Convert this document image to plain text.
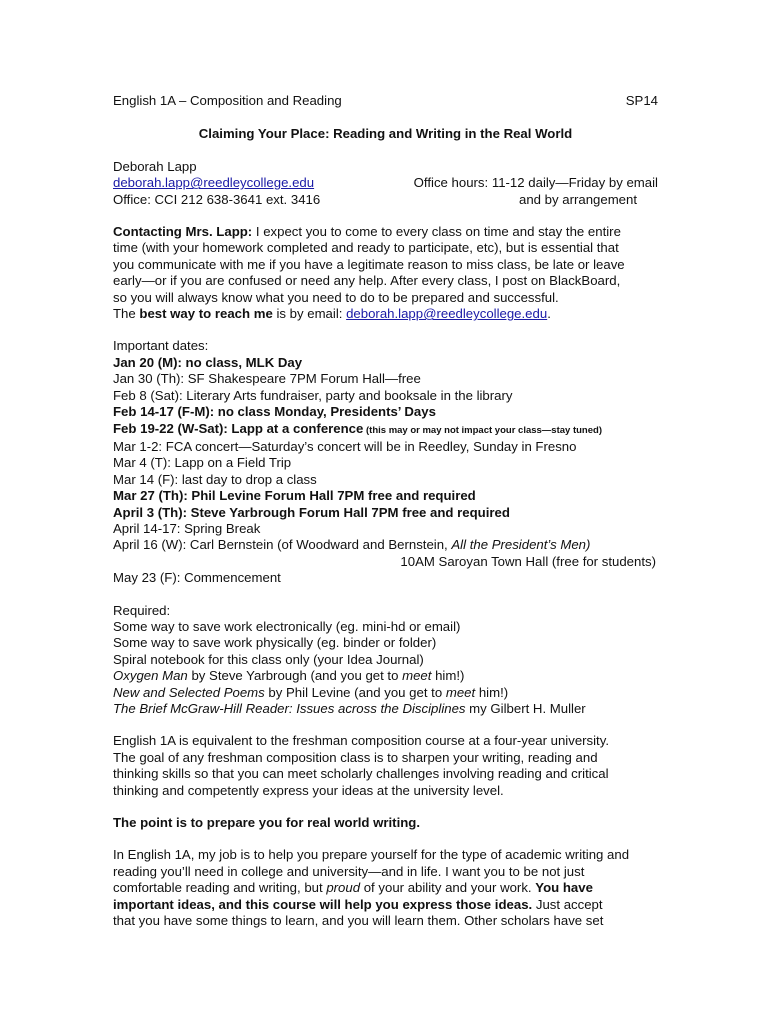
English 1A – Composition and Reading	SP14
Claiming Your Place: Reading and Writing in the Real World
Deborah Lapp
deborah.lapp@reedleycollege.edu	Office hours: 11-12 daily—Friday by email
Office: CCI 212 638-3641 ext. 3416	and by arrangement
Contacting Mrs. Lapp: I expect you to come to every class on time and stay the entire
time (with your homework completed and ready to participate, etc), but is essential that
you communicate with me if you have a legitimate reason to miss class, be late or leave
early—or if you are confused or need any help. After every class, I post on BlackBoard,
so you will always know what you need to do to be prepared and successful.
The best way to reach me is by email: deborah.lapp@reedleycollege.edu.
Important dates:
Jan 20 (M): no class, MLK Day
Jan 30 (Th): SF Shakespeare 7PM Forum Hall—free
Feb 8 (Sat): Literary Arts fundraiser, party and booksale in the library
Feb 14-17 (F-M): no class Monday, Presidents’ Days
Feb 19-22 (W-Sat): Lapp at a conference (this may or may not impact your class—stay tuned)
Mar 1-2: FCA concert—Saturday’s concert will be in Reedley, Sunday in Fresno
Mar 4 (T): Lapp on a Field Trip
Mar 14 (F): last day to drop a class
Mar 27 (Th): Phil Levine Forum Hall 7PM free and required
April 3 (Th): Steve Yarbrough Forum Hall 7PM free and required
April 14-17: Spring Break
April 16 (W): Carl Bernstein (of Woodward and Bernstein, All the President’s Men)
10AM Saroyan Town Hall (free for students)
May 23 (F): Commencement
Required:
Some way to save work electronically (eg. mini-hd or email)
Some way to save work physically (eg. binder or folder)
Spiral notebook for this class only (your Idea Journal)
Oxygen Man by Steve Yarbrough (and you get to meet him!)
New and Selected Poems by Phil Levine (and you get to meet him!)
The Brief McGraw-Hill Reader: Issues across the Disciplines my Gilbert H. Muller
English 1A is equivalent to the freshman composition course at a four-year university.
The goal of any freshman composition class is to sharpen your writing, reading and
thinking skills so that you can meet scholarly challenges involving reading and critical
thinking and competently express your ideas at the university level.
The point is to prepare you for real world writing.
In English 1A, my job is to help you prepare yourself for the type of academic writing and
reading you’ll need in college and university—and in life. I want you to be not just
comfortable reading and writing, but proud of your ability and your work. You have
important ideas, and this course will help you express those ideas. Just accept
that you have some things to learn, and you will learn them. Other scholars have set
